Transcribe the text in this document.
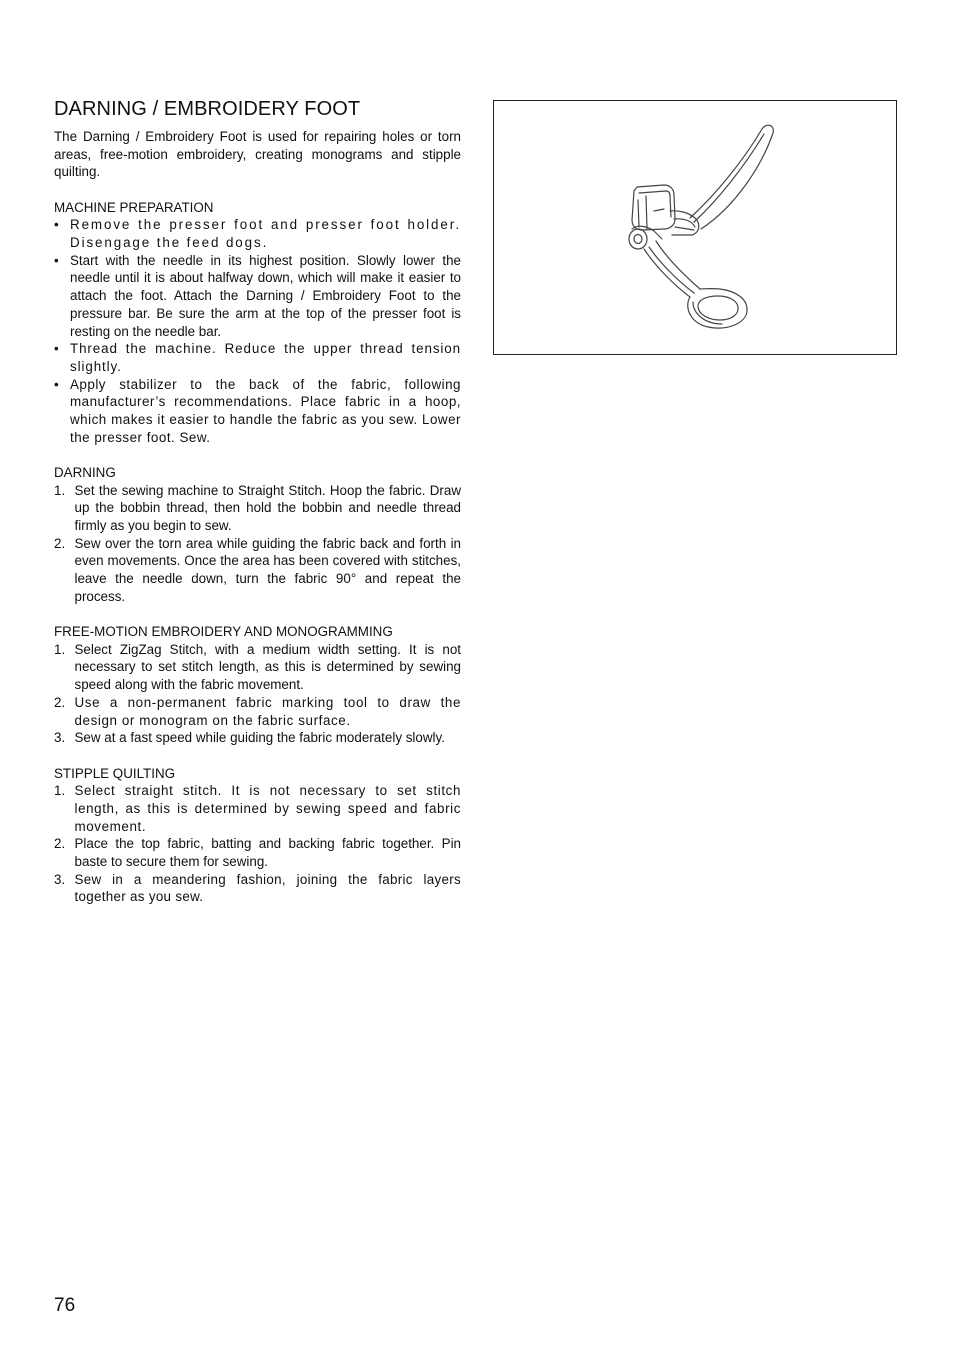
DARNING / EMBROIDERY FOOT

The Darning / Embroidery Foot is used for repairing holes or torn areas, free-motion embroidery, creating monograms and stipple quilting.

MACHINE PREPARATION

• Remove the presser foot and presser foot holder. Disengage the feed dogs.
• Start with the needle in its highest position. Slowly lower the needle until it is about halfway down, which will make it easier to attach the foot. Attach the Darning / Embroidery Foot to the pressure bar. Be sure the arm at the top of the presser foot is resting on the needle bar.
• Thread the machine. Reduce the upper thread tension slightly.
• Apply stabilizer to the back of the fabric, following manufacturer’s recommendations. Place fabric in a hoop, which makes it easier to handle the fabric as you sew. Lower the presser foot. Sew.

DARNING

1. Set the sewing machine to Straight Stitch. Hoop the fabric. Draw up the bobbin thread, then hold the bobbin and needle thread firmly as you begin to sew.
2. Sew over the torn area while guiding the fabric back and forth in even movements. Once the area has been covered with stitches, leave the needle down, turn the fabric 90° and repeat the process.

FREE-MOTION EMBROIDERY AND MONOGRAMMING

1. Select ZigZag Stitch, with a medium width setting. It is not necessary to set stitch length, as this is determined by sewing speed along with the fabric movement.
2. Use a non-permanent fabric marking tool to draw the design or monogram on the fabric surface.
3. Sew at a fast speed while guiding the fabric moderately slowly.

STIPPLE QUILTING

1. Select straight stitch. It is not necessary to set stitch length, as this is determined by sewing speed and fabric movement.
2. Place the top fabric, batting and backing fabric together. Pin baste to secure them for sewing.
3. Sew in a meandering fashion, joining the fabric layers together as you sew.
76
